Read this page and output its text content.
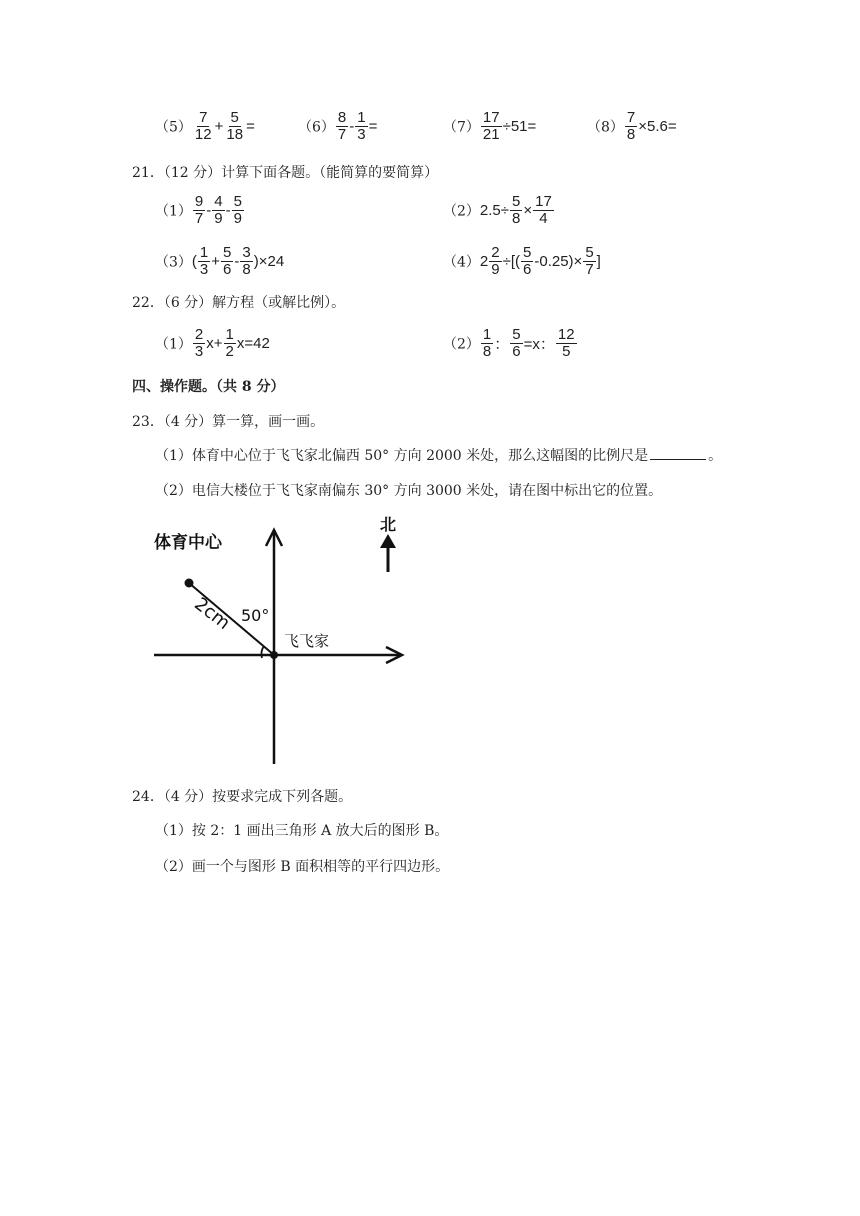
$(5) \frac{7}{12} + \frac{5}{18}$ =	$(6) \frac{8}{7} - \frac{1}{3}$ =	$(7) \frac{17}{21} \div 51=$	$(8) \frac{7}{8} \times 5.6=$
21．（12 分）计算下面各题。（能简算的要简算）
$(1) \frac{9}{7} - \frac{4}{9} - \frac{5}{9}$	$(2)2.5\div \frac{5}{8} \times \frac{17}{4}$
$(3)( \frac{1}{3} + \frac{5}{6} - \frac{3}{8} )\times 24$	$(4)2 \frac{2}{9}$ ÷[( $\frac{5}{6} -0.25)\times \frac{5}{7}$ ]
22．（6 分）解方程（或解比例）。
$(1) \frac{2}{3} x+ \frac{1}{2} x=42$	$(2) \frac{1}{8}$ ： $\frac{5}{6} =x$： $\frac{12}{5}$
四、操作题。（共 8 分）
23．（4 分）算一算，画一画。
（1）体育中心位于飞飞家北偏西 50° 方向 2000 米处，那么这幅图的比例尺是	。
（2）电信大楼位于飞飞家南偏东 30° 方向 3000 米处，请在图中标出它的位置。
北
体育中心
2cm 50°
飞飞家
24．（4 分）按要求完成下列各题。
（1）按 2：1 画出三角形 A 放大后的图形 B。
（2）画一个与图形 B 面积相等的平行四边形。
